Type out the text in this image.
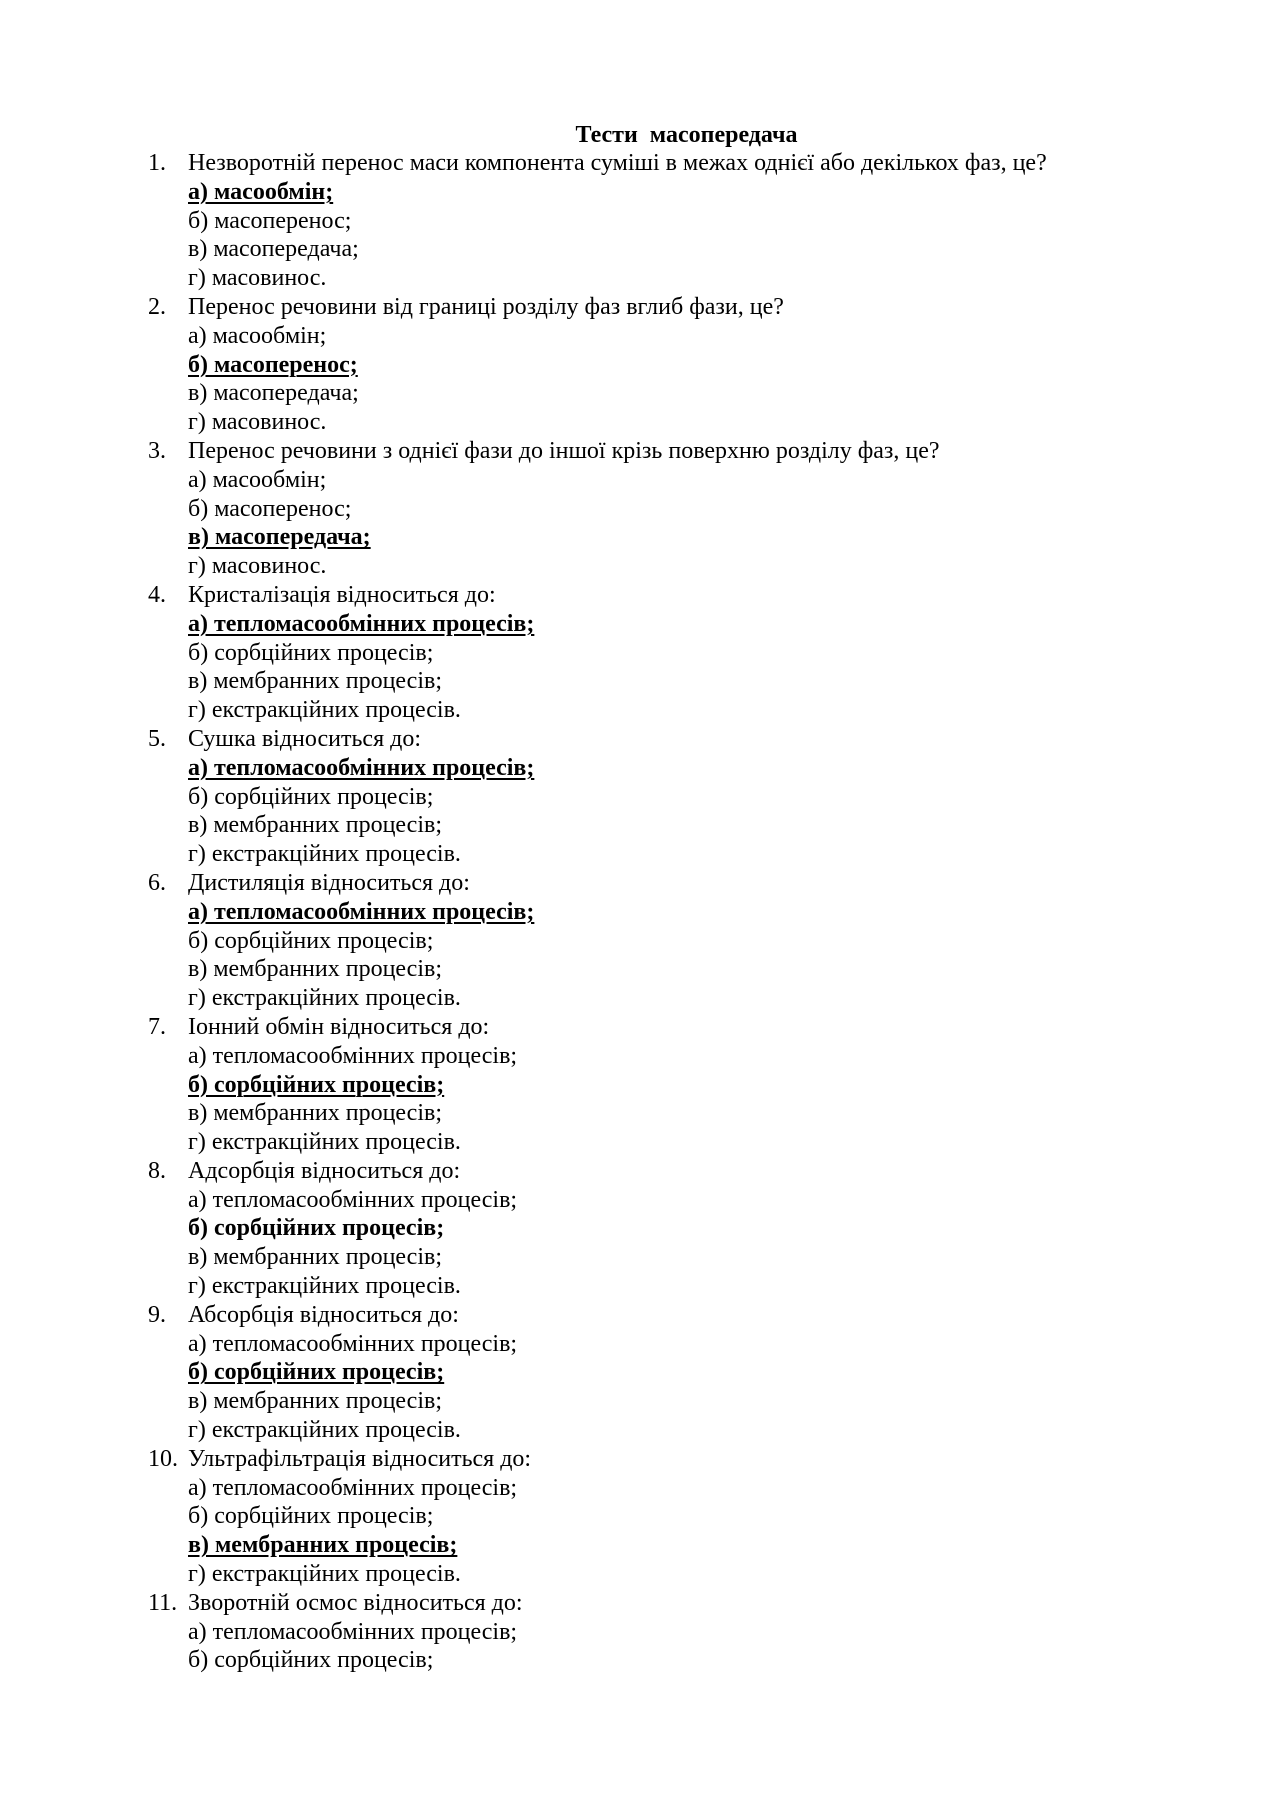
Тести  масопередача
1. Незворотній перенос маси компонента суміші в межах однієї або декількох фаз, це?
а) масообмін;
б) масоперенос;
в) масопередача;
г) масовинос.
2. Перенос речовини від границі розділу фаз вглиб фази, це?
а) масообмін;
б) масоперенос;
в) масопередача;
г) масовинос.
3. Перенос речовини з однієї фази до іншої крізь поверхню розділу фаз, це?
а) масообмін;
б) масоперенос;
в) масопередача;
г) масовинос.
4. Кристалізація відноситься до:
а) тепломасообмінних процесів;
б) сорбційних процесів;
в) мембранних процесів;
г) екстракційних процесів.
5. Сушка відноситься до:
а) тепломасообмінних процесів;
б) сорбційних процесів;
в) мембранних процесів;
г) екстракційних процесів.
6. Дистиляція відноситься до:
а) тепломасообмінних процесів;
б) сорбційних процесів;
в) мембранних процесів;
г) екстракційних процесів.
7. Іонний обмін відноситься до:
а) тепломасообмінних процесів;
б) сорбційних процесів;
в) мембранних процесів;
г) екстракційних процесів.
8. Адсорбція відноситься до:
а) тепломасообмінних процесів;
б) сорбційних процесів;
в) мембранних процесів;
г) екстракційних процесів.
9. Абсорбція відноситься до:
а) тепломасообмінних процесів;
б) сорбційних процесів;
в) мембранних процесів;
г) екстракційних процесів.
10. Ультрафільтрація відноситься до:
а) тепломасообмінних процесів;
б) сорбційних процесів;
в) мембранних процесів;
г) екстракційних процесів.
11. Зворотній осмос відноситься до:
а) тепломасообмінних процесів;
б) сорбційних процесів;
